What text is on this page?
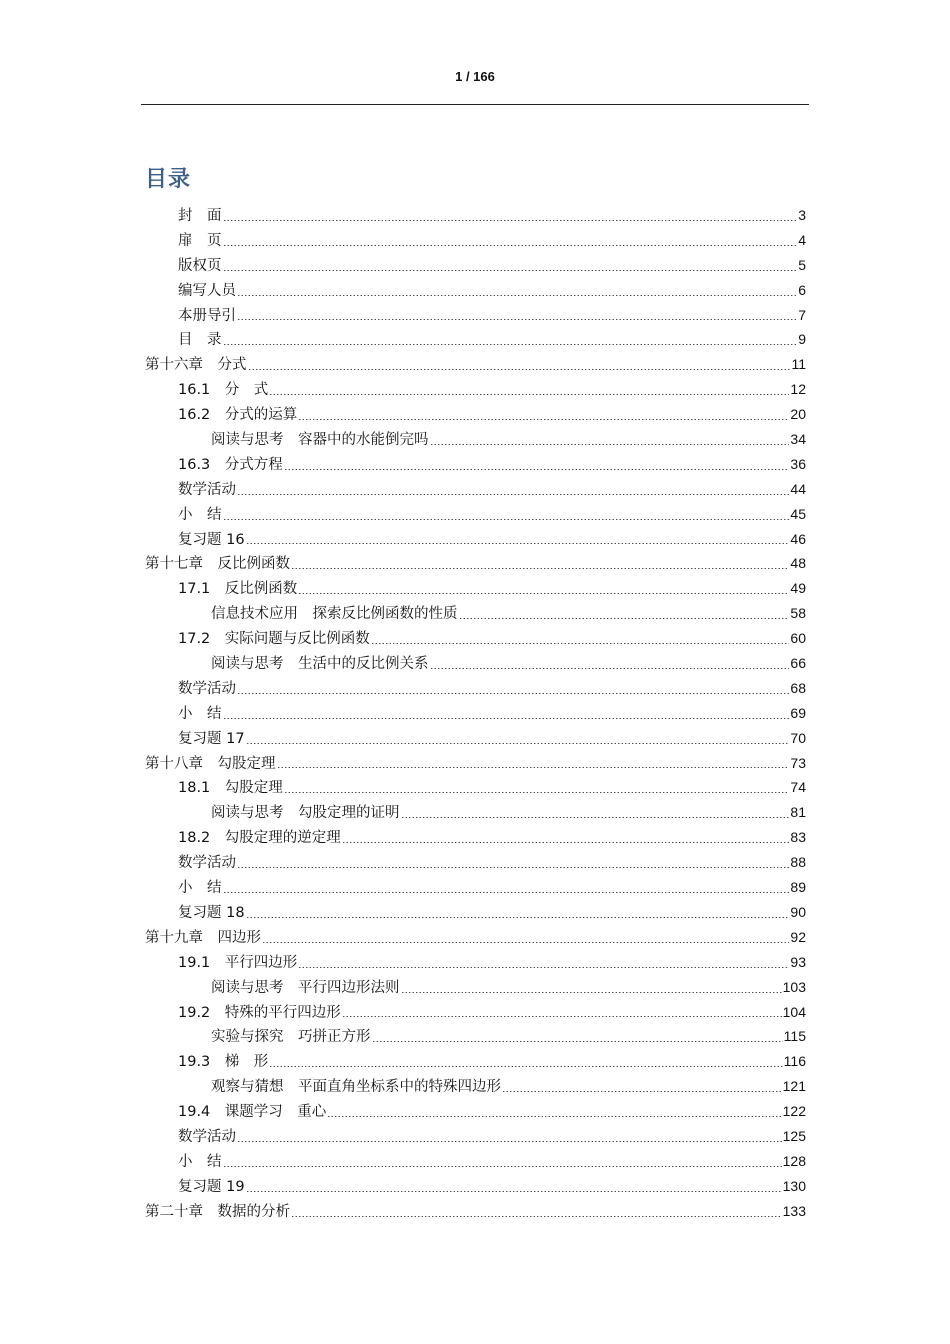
1 / 166
目录
封　面	3
扉　页	4
版权页	5
编写人员	6
本册导引	7
目　录	9
第十六章　分式	11
16.1　分　式	12
16.2　分式的运算	20
阅读与思考　容器中的水能倒完吗	34
16.3　分式方程	36
数学活动	44
小　结	45
复习题 16	46
第十七章　反比例函数	48
17.1　反比例函数	49
信息技术应用　探索反比例函数的性质	58
17.2　实际问题与反比例函数	60
阅读与思考　生活中的反比例关系	66
数学活动	68
小　结	69
复习题 17	70
第十八章　勾股定理	73
18.1　勾股定理	74
阅读与思考　勾股定理的证明	81
18.2　勾股定理的逆定理	83
数学活动	88
小　结	89
复习题 18	90
第十九章　四边形	92
19.1　平行四边形	93
阅读与思考　平行四边形法则	103
19.2　特殊的平行四边形	104
实验与探究　巧拼正方形	115
19.3　梯　形	116
观察与猜想　平面直角坐标系中的特殊四边形	121
19.4　课题学习　重心	122
数学活动	125
小　结	128
复习题 19	130
第二十章　数据的分析	133
